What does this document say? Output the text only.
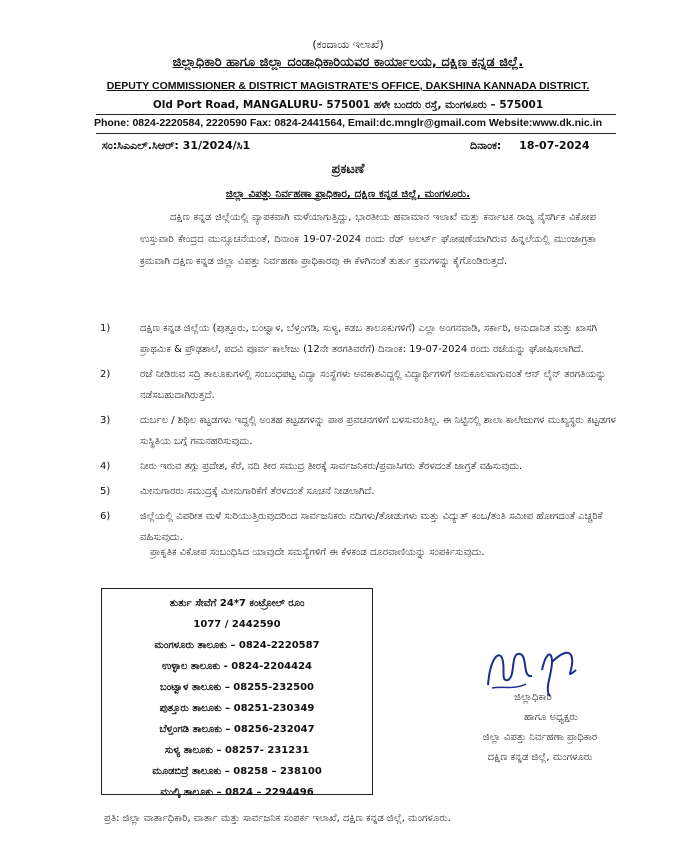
(ಕಂದಾಯ ಇಲಾಖೆ)
ಜಿಲ್ಲಾಧಿಕಾರಿ ಹಾಗೂ ಜಿಲ್ಲಾ ದಂಡಾಧಿಕಾರಿಯವರ ಕಾರ್ಯಾಲಯ, ದಕ್ಷಿಣ ಕನ್ನಡ ಜಿಲ್ಲೆ.
DEPUTY COMMISSIONER & DISTRICT MAGISTRATE'S OFFICE, DAKSHINA KANNADA DISTRICT.
Old Port Road, MANGALURU- 575001 ಹಳೇ ಬಂದರು ರಸ್ತೆ, ಮಂಗಳೂರು – 575001
Phone: 0824-2220584, 2220590 Fax: 0824-2441564, Email:dc.mnglr@gmail.com Website:www.dk.nic.in
ಸಂ:ಸಿಎಎಲ್.ಸಿಆರ್: 31/2024/ಸಿ1	ದಿನಾಂಕ: 18-07-2024
ಪ್ರಕಟಣೆ
ಜಿಲ್ಲಾ ವಿಪತ್ತು ನಿರ್ವಹಣಾ ಪ್ರಾಧಿಕಾರ, ದಕ್ಷಿಣ ಕನ್ನಡ ಜಿಲ್ಲೆ, ಮಂಗಳೂರು.
ದಕ್ಷಿಣ ಕನ್ನಡ ಜಿಲ್ಲೆಯಲ್ಲಿ ವ್ಯಾಪಕವಾಗಿ ಮಳೆಯಾಗುತ್ತಿದ್ದು, ಭಾರತೀಯ ಹವಾಮಾನ ಇಲಾಖೆ ಮತ್ತು ಕರ್ನಾಟಕ ರಾಜ್ಯ ನೈಸರ್ಗಿಕ ವಿಕೋಪ ಉಸ್ತುವಾರಿ ಕೇಂದ್ರದ ಮುನ್ಸೂಚನೆಯಂತೆ, ದಿನಾಂಕ 19-07-2024 ರಂದು ರೆಡ್ ಅಲರ್ಟ್ ಘೋಷಣೆಯಾಗಿರುವ ಹಿನ್ನಲೆಯಲ್ಲಿ ಮುಂಜಾಗ್ರತಾ ಕ್ರಮವಾಗಿ ದಕ್ಷಿಣ ಕನ್ನಡ ಜಿಲ್ಲಾ ವಿಪತ್ತು ನಿರ್ವಹಣಾ ಪ್ರಾಧಿಕಾರವು ಈ ಕೆಳಗಿನಂತೆ ತುರ್ತು ಕ್ರಮಗಳನ್ನು ಕೈಗೊಂಡಿರುತ್ತದೆ.
1)	ದಕ್ಷಿಣ ಕನ್ನಡ ಜಿಲ್ಲೆಯ (ಪುತ್ತೂರು, ಬಂಟ್ವಾಳ, ಬೆಳ್ತಂಗಡಿ, ಸುಳ್ಯ, ಕಡಬ ತಾಲೂಕುಗಳಿಗೆ) ಎಲ್ಲಾ ಅಂಗನವಾಡಿ, ಸರ್ಕಾರಿ, ಅನುದಾನಿತ ಮತ್ತು ಖಾಸಗಿ ಪ್ರಾಥಮಿಕ & ಪ್ರೌಢಶಾಲೆ, ಪದವಿ ಪೂರ್ವ ಕಾಲೇಜು (12ನೇ ತರಗತಿವರೆಗೆ) ದಿನಾಂಕ: 19-07-2024 ರಂದು ರಜೆಯನ್ನು ಘೋಷಿಸಲಾಗಿದೆ.
2)	ರಜೆ ನೀಡಿರುವ ಸದ್ರಿ ತಾಲೂಕುಗಳಲ್ಲಿ ಸಂಬಂಧಪಟ್ಟ ವಿದ್ಯಾ ಸಂಸ್ಥೆಗಳು ಅವಕಾಶವಿದ್ದಲ್ಲಿ ವಿದ್ಯಾರ್ಥಿಗಳಿಗೆ ಅನುಕೂಲವಾಗುವಂತೆ ಆನ್ ಲೈನ್ ತರಗತಿಯನ್ನು ನಡೆಸಬಹುದಾಗಿರುತ್ತದೆ.
3)	ದುರ್ಬಲ / ಶಿಥಿಲ ಕಟ್ಟಡಗಳು ಇದ್ದಲ್ಲಿ ಅಂತಹ ಕಟ್ಟಡಗಳನ್ನು ಪಾಠ ಪ್ರವಚನಗಳಿಗೆ ಬಳಸುವಂತಿಲ್ಲ. ಈ ನಿಟ್ಟಿನಲ್ಲಿ ಶಾಲಾ ಕಾಲೇಜುಗಳ ಮುಖ್ಯಸ್ಥರು ಕಟ್ಟಡಗಳ ಸುಸ್ಥಿತಿಯ ಬಗ್ಗೆ ಗಮನಹರಿಸುವುದು.
4)	ನೀರು ಇರುವ ತಗ್ಗು ಪ್ರದೇಶ, ಕೆರೆ, ನದಿ ತೀರ ಸಮುದ್ರ ತೀರಕ್ಕೆ ಸಾರ್ವಜನಿಕರು/ಪ್ರವಾಸಿಗರು ತೆರಳದಂತೆ ಜಾಗ್ರತೆ ವಹಿಸುವುದು.
5)	ಮೀನುಗಾರರು ಸಮುದ್ರಕ್ಕೆ ಮೀನುಗಾರಿಕೆಗೆ ತೆರಳದಂತೆ ಸೂಚನೆ ನೀಡಲಾಗಿದೆ.
6)	ಜಿಲ್ಲೆಯಲ್ಲಿ ವಿಪರೀತ ಮಳೆ ಸುರಿಯುತ್ತಿರುವುದರಿಂದ ಸಾರ್ವಜನಿಕರು ನದಿಗಳು/ತೋಡುಗಳು ಮತ್ತು ವಿದ್ಯುತ್ ಕಂಬ/ತಂತಿ ಸಮೀಪ ಹೋಗದಂತೆ ಎಚ್ಚರಿಕೆ ವಹಿಸುವುದು.
ಪ್ರಾಕೃತಿಕ ವಿಕೋಪ ಸಂಬಂಧಿಸಿದ ಯಾವುದೇ ಸಮಸ್ಯೆಗಳಿಗೆ ಈ ಕೆಳಕಂಡ ದೂರವಾಣಿಯನ್ನು ಸಂಪರ್ಕಿಸುವುದು.
ತುರ್ತು ಸೇವೆಗೆ 24*7 ಕಂಟ್ರೋಲ್ ರೂಂ
1077 / 2442590
ಮಂಗಳೂರು ತಾಲೂಕು – 0824-2220587
ಉಳ್ಳಾಲ ತಾಲೂಕು - 0824-2204424
ಬಂಟ್ವಾಳ ತಾಲೂಕು – 08255-232500
ಪುತ್ತೂರು ತಾಲೂಕು – 08251-230349
ಬೆಳ್ತಂಗಡಿ ತಾಲೂಕು – 08256-232047
ಸುಳ್ಯ ತಾಲೂಕು – 08257- 231231
ಮೂಡಬಿದ್ರೆ ತಾಲೂಕು – 08258 – 238100
ಮುಲ್ಕಿ ತಾಲೂಕು – 0824 – 2294496
ಜಿಲ್ಲಾಧಿಕಾರಿ
ಹಾಗೂ ಅಧ್ಯಕ್ಷರು
ಜಿಲ್ಲಾ ವಿಪತ್ತು ನಿರ್ವಹಣಾ ಪ್ರಾಧಿಕಾರ
ದಕ್ಷಿಣ ಕನ್ನಡ ಜಿಲ್ಲೆ, ಮಂಗಳೂರು
ಪ್ರತಿ: ಜಿಲ್ಲಾ ವಾರ್ತಾಧಿಕಾರಿ, ವಾರ್ತಾ ಮತ್ತು ಸಾರ್ವಜನಿಕ ಸಂಪರ್ಕ ಇಲಾಖೆ, ದಕ್ಷಿಣ ಕನ್ನಡ ಜಿಲ್ಲೆ, ಮಂಗಳೂರು.
